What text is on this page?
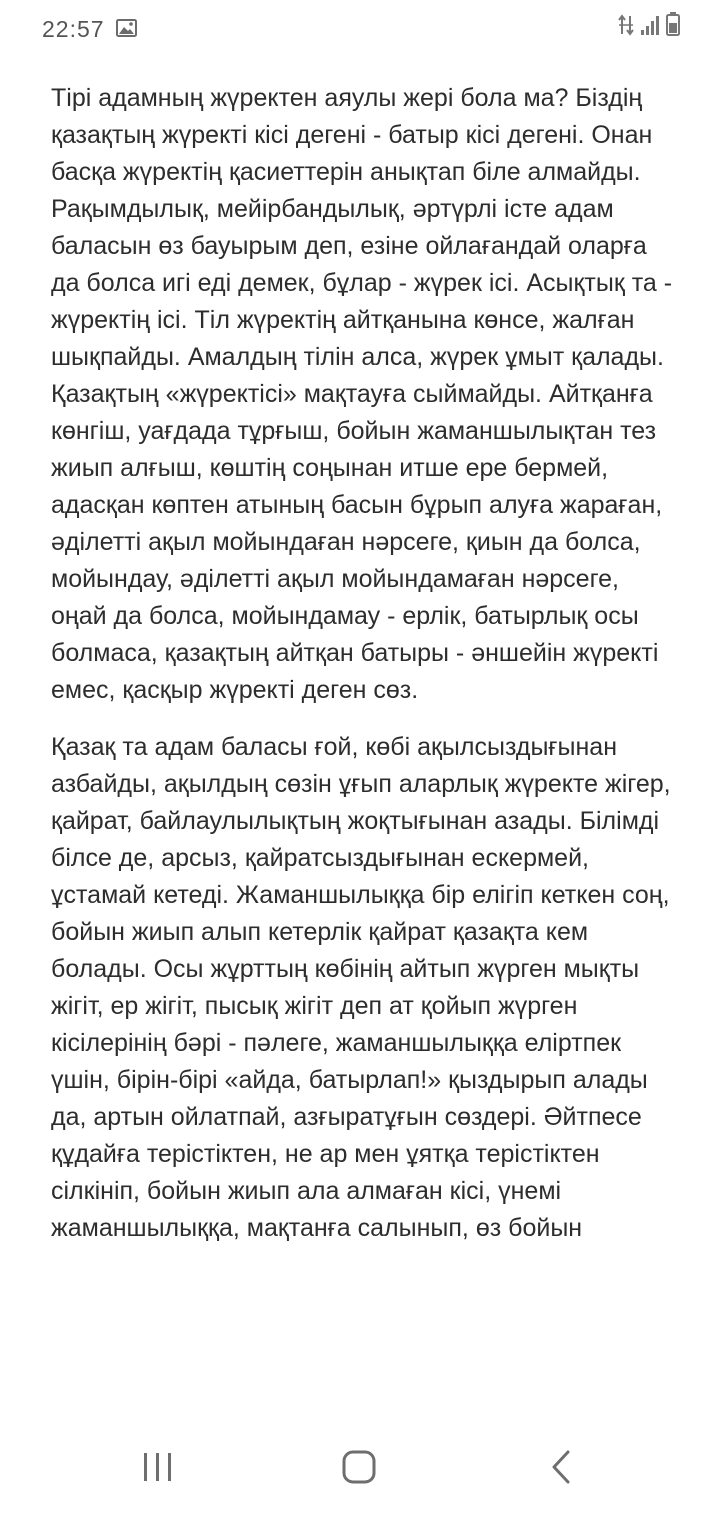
22:57

Тірі адамның жүректен аяулы жері бола ма? Біздің қазақтың жүректі кісі дегені - батыр кісі дегені. Онан басқа жүректің қасиеттерін анықтап біле алмайды. Рақымдылық, мейірбандылық, әртүрлі істе адам баласын өз бауырым деп, езіне ойлағандай оларға да болса игі еді демек, бұлар - жүрек ісі. Асықтық та - жүректің ісі. Тіл жүректің айтқанына көнсе, жалған шықпайды. Амалдың тілін алса, жүрек ұмыт қалады. Қазақтың «жүректісі» мақтауға сыймайды. Айтқанға көнгіш, уағдада тұрғыш, бойын жаманшылықтан тез жиып алғыш, көштің соңынан итше ере бермей, адасқан көптен атының басын бұрып алуға жараған, әділетті ақыл мойындаған нәрсеге, қиын да болса, мойындау, әділетті ақыл мойындамаған нәрсеге, оңай да болса, мойындамау - ерлік, батырлық осы болмаса, қазақтың айтқан батыры - әншейін жүректі емес, қасқыр жүректі деген сөз.

Қазақ та адам баласы ғой, көбі ақылсыздығынан азбайды, ақылдың сөзін ұғып аларлық жүректе жігер, қайрат, байлаулылықтың жоқтығынан азады. Білімді білсе де, арсыз, қайратсыздығынан ескермей, ұстамай кетеді. Жаманшылыққа бір елігіп кеткен соң, бойын жиып алып кетерлік қайрат қазақта кем болады. Осы жұрттың көбінің айтып жүрген мықты жігіт, ер жігіт, пысық жігіт деп ат қойып жүрген кісілерінің бәрі - пәлеге, жаманшылыққа еліртпек үшін, бірін-бірі «айда, батырлап!» қыздырып алады да, артын ойлатпай, азғыратұғын сөздері. Әйтпесе құдайға терістіктен, не ар мен ұятқа терістіктен сілкініп, бойын жиып ала алмаған кісі, үнемі жаманшылыққа, мақтанға салынып, өз бойын
